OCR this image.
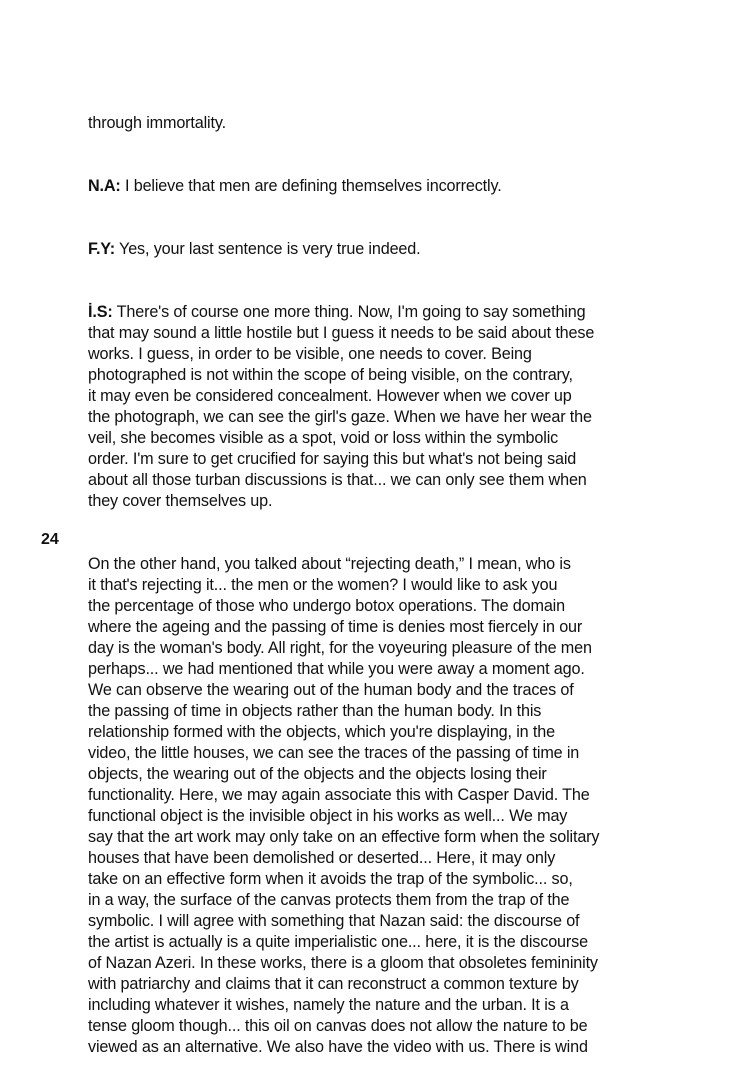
through immortality.

N.A: I believe that men are defining themselves incorrectly.

F.Y: Yes, your last sentence is very true indeed.

İ.S: There's of course one more thing. Now, I'm going to say something
that may sound a little hostile but I guess it needs to be said about these
works. I guess, in order to be visible, one needs to cover. Being
photographed is not within the scope of being visible, on the contrary,
it may even be considered concealment. However when we cover up
the photograph, we can see the girl's gaze. When we have her wear the
veil, she becomes visible as a spot, void or loss within the symbolic
order. I'm sure to get crucified for saying this but what's not being said
about all those turban discussions is that... we can only see them when
they cover themselves up.

On the other hand, you talked about “rejecting death,” I mean, who is
it that's rejecting it... the men or the women? I would like to ask you
the percentage of those who undergo botox operations. The domain
where the ageing and the passing of time is denies most fiercely in our
day is the woman's body. All right, for the voyeuring pleasure of the men
perhaps... we had mentioned that while you were away a moment ago.
We can observe the wearing out of the human body and the traces of
the passing of time in objects rather than the human body. In this
relationship formed with the objects, which you're displaying, in the
video, the little houses, we can see the traces of the passing of time in
objects, the wearing out of the objects and the objects losing their
functionality. Here, we may again associate this with Casper David. The
functional object is the invisible object in his works as well... We may
say that the art work may only take on an effective form when the solitary
houses that have been demolished or deserted... Here, it may only
take on an effective form when it avoids the trap of the symbolic... so,
in a way, the surface of the canvas protects them from the trap of the
symbolic. I will agree with something that Nazan said: the discourse of
the artist is actually is a quite imperialistic one... here, it is the discourse
of Nazan Azeri. In these works, there is a gloom that obsoletes femininity
with patriarchy and claims that it can reconstruct a common texture by
including whatever it wishes, namely the nature and the urban. It is a
tense gloom though... this oil on canvas does not allow the nature to be
viewed as an alternative. We also have the video with us. There is wind

24
